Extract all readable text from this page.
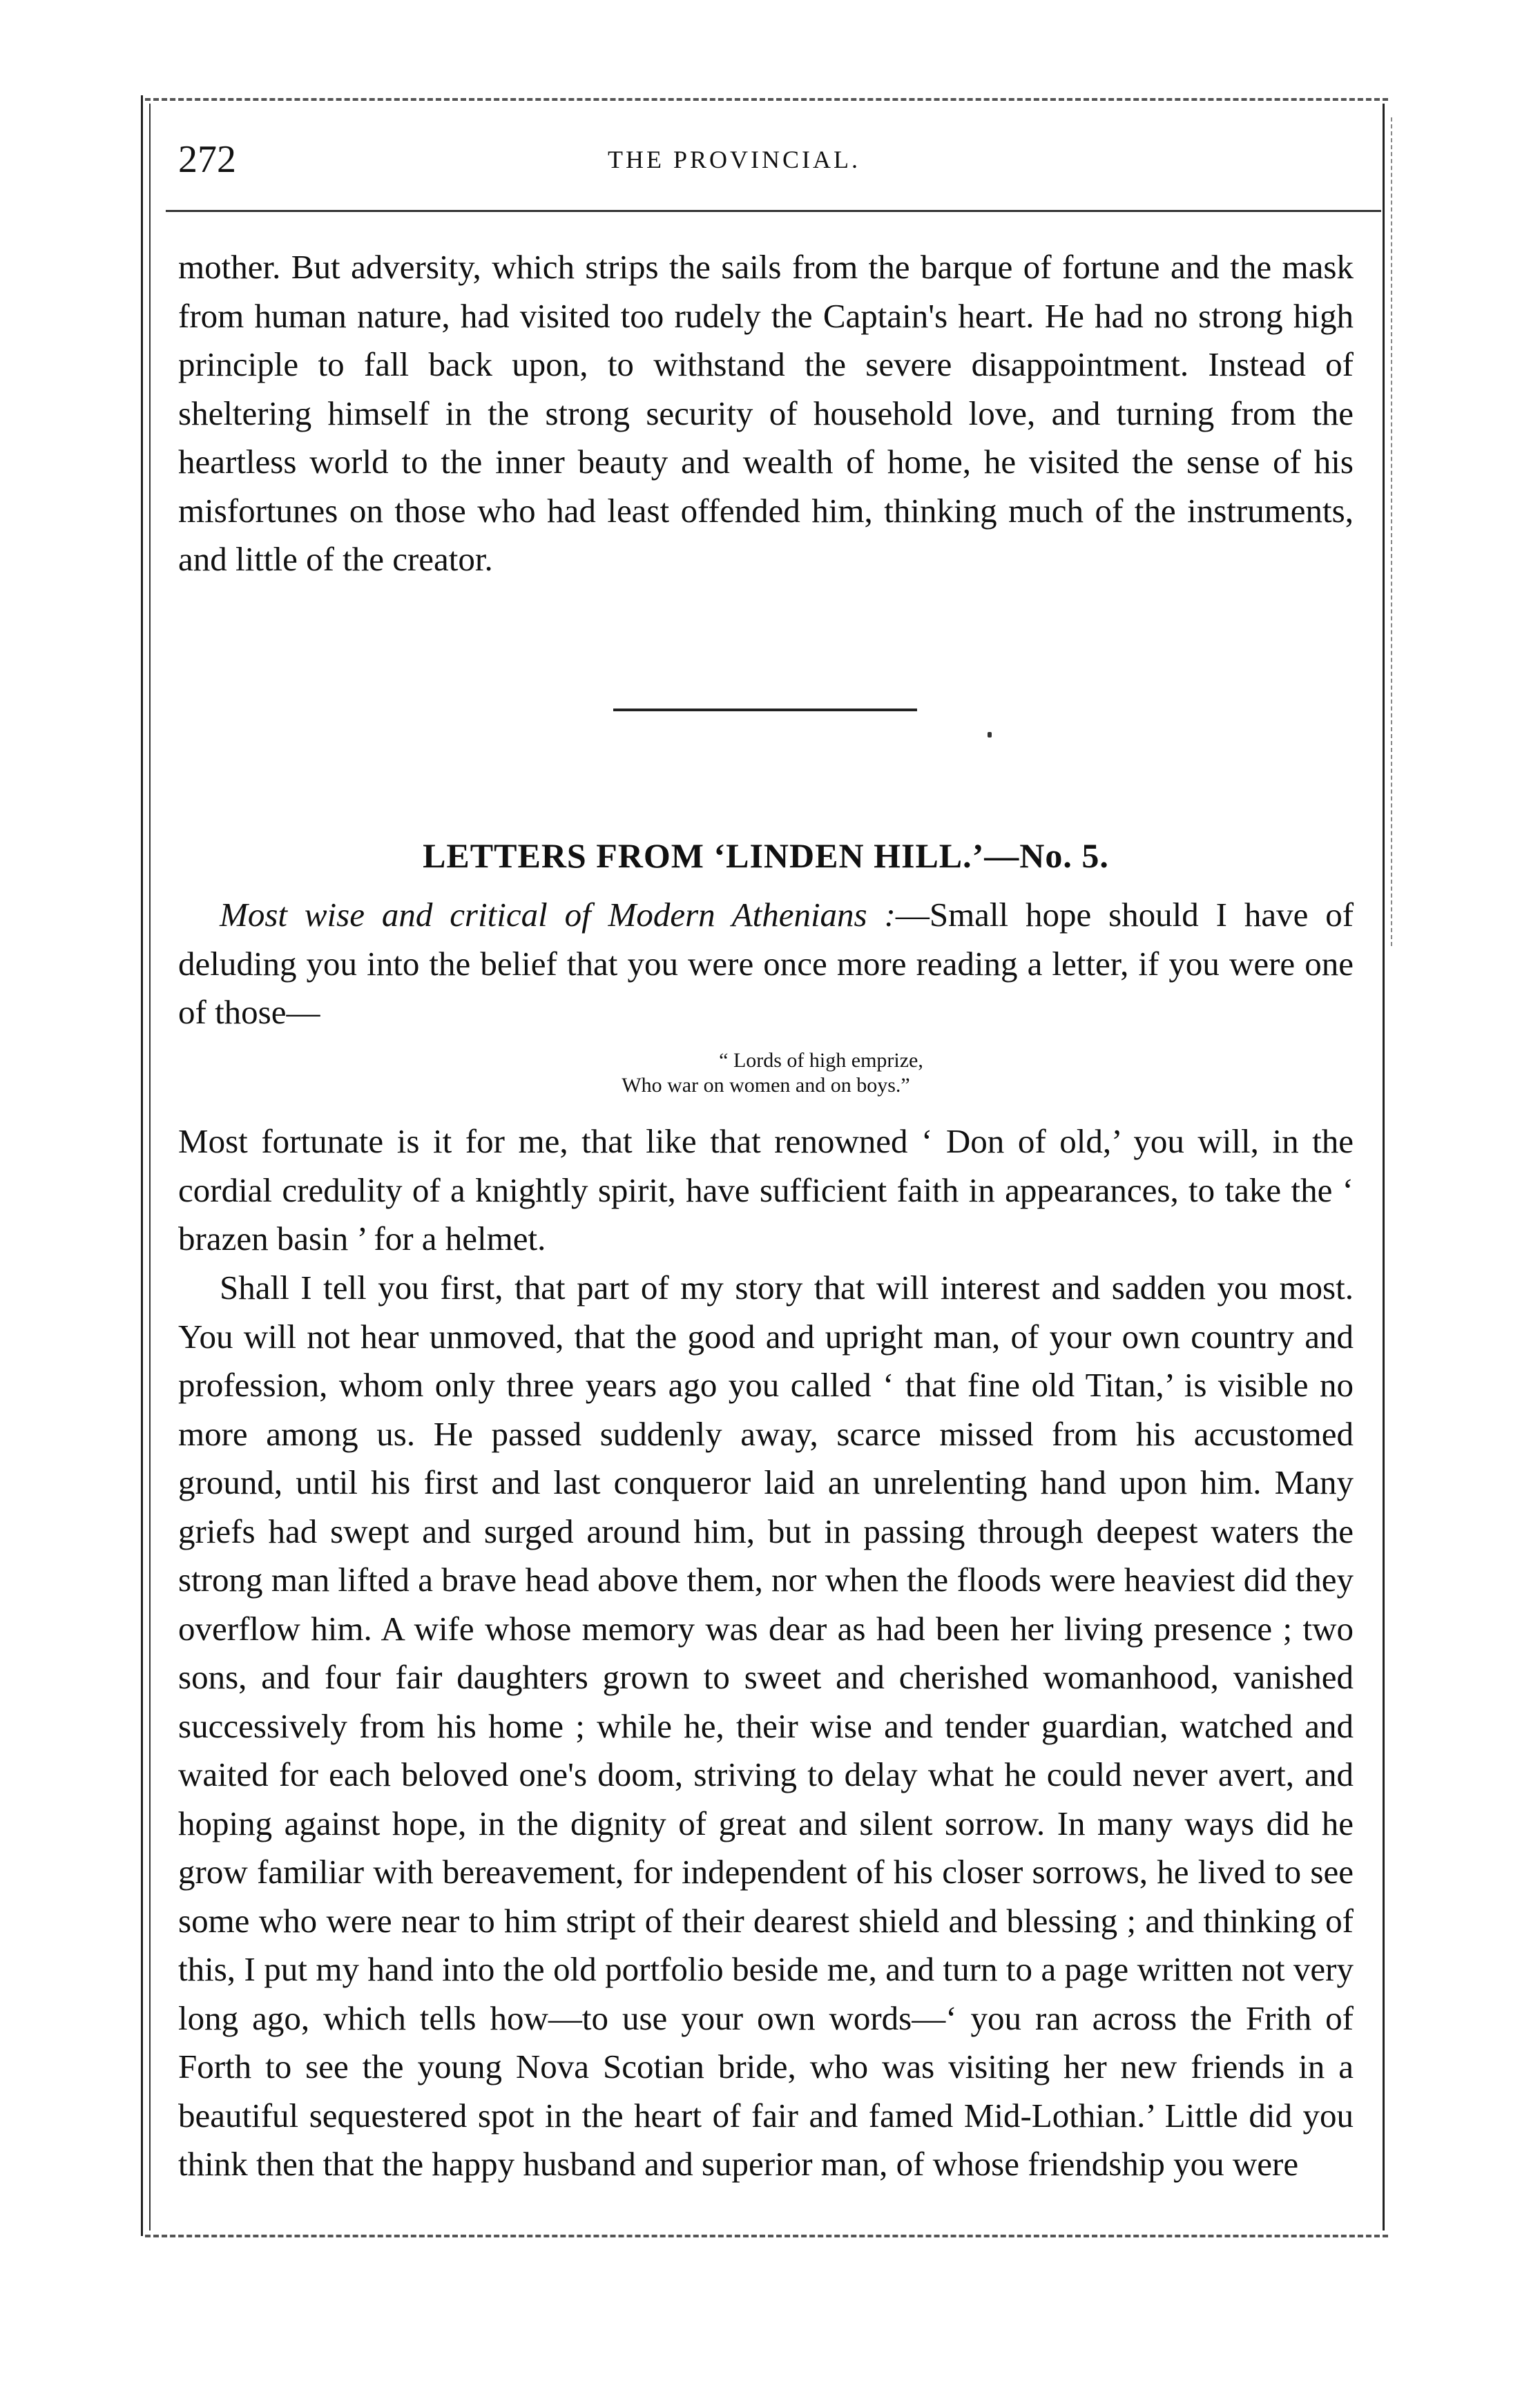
272	THE PROVINCIAL.

mother. But adversity, which strips the sails from the barque of fortune and the mask from human nature, had visited too rudely the Captain's heart. He had no strong high principle to fall back upon, to withstand the severe disappointment. Instead of sheltering himself in the strong security of household love, and turning from the heartless world to the inner beauty and wealth of home, he visited the sense of his misfortunes on those who had least offended him, thinking much of the instruments, and little of the creator.

LETTERS FROM ‘LINDEN HILL.’—No. 5.

Most wise and critical of Modern Athenians :—Small hope should I have of deluding you into the belief that you were once more reading a letter, if you were one of those—

“ Lords of high emprize,
Who war on women and on boys.”

Most fortunate is it for me, that like that renowned ‘ Don of old,’ you will, in the cordial credulity of a knightly spirit, have sufficient faith in appearances, to take the ‘ brazen basin ’ for a helmet.

Shall I tell you first, that part of my story that will interest and sadden you most. You will not hear unmoved, that the good and upright man, of your own country and profession, whom only three years ago you called ‘ that fine old Titan,’ is visible no more among us. He passed suddenly away, scarce missed from his accustomed ground, until his first and last conqueror laid an unrelenting hand upon him. Many griefs had swept and surged around him, but in passing through deepest waters the strong man lifted a brave head above them, nor when the floods were heaviest did they overflow him. A wife whose memory was dear as had been her living presence ; two sons, and four fair daughters grown to sweet and cherished womanhood, vanished successively from his home ; while he, their wise and tender guardian, watched and waited for each beloved one's doom, striving to delay what he could never avert, and hoping against hope, in the dignity of great and silent sorrow. In many ways did he grow familiar with bereavement, for independent of his closer sorrows, he lived to see some who were near to him stript of their dearest shield and blessing ; and thinking of this, I put my hand into the old portfolio beside me, and turn to a page written not very long ago, which tells how—to use your own words—‘ you ran across the Frith of Forth to see the young Nova Scotian bride, who was visiting her new friends in a beautiful sequestered spot in the heart of fair and famed Mid-Lothian.’ Little did you think then that the happy husband and superior man, of whose friendship you were
